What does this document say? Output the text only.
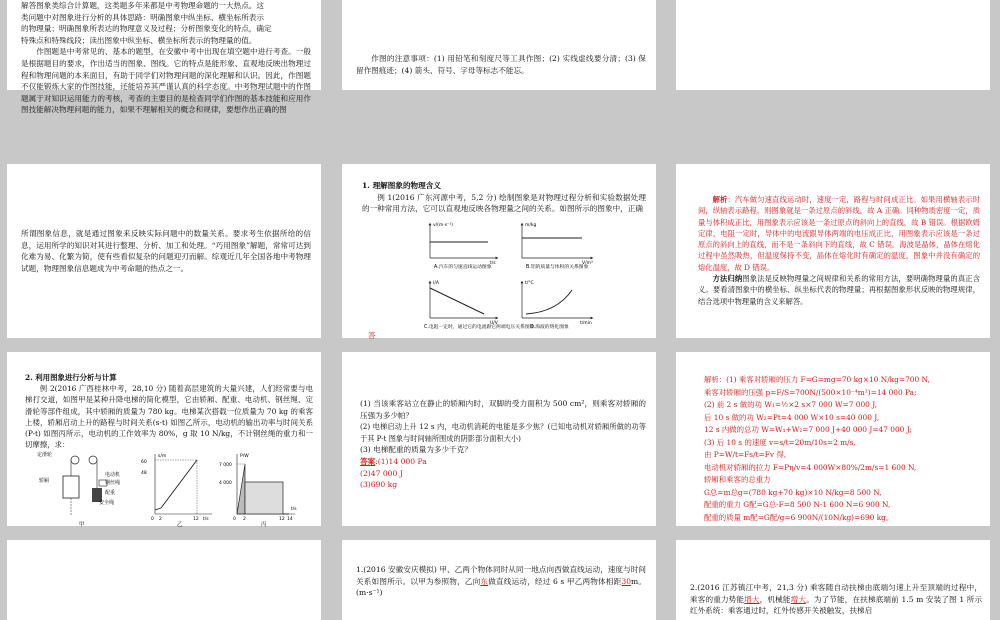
解答图象类综合计算题，这类题多年来都是中考物理命题的一大热点。这
类问题中对图象进行分析的具体思路：明确图象中纵坐标、横坐标所表示
的物理量；明确图象所表达的物理意义及过程；分析图象变化的特点，确定
特殊点和特殊线段；读出图象中纵坐标、横坐标所表示的物理量的值。

作图题是中考常见的、基本的题型，在安徽中考中出现在填空题中进行考查。一般是根据题目的要求，作出适当的图象、图线。它的特点是能形象、直观地反映出物理过程和物理问题的本来面目，有助于同学们对物理问题的深化理解和认识。因此，作图题不仅能锻炼大家的作图技能，还能培养其严谨认真的科学态度。中考物理试题中的作图题属于对知识运用能力的考核，考查的主要目的是检查同学们作图的基本技能和应用作图技能解决物理问题的能力，如果不理解相关的概念和规律，要想作出正确的图

作图的注意事项：(1) 用铅笔和刻度尺等工具作图；(2) 实线虚线要分清；(3) 保留作图痕迹；(4) 箭头、符号、字母等标志不能忘。

所谓图象信息，就是通过图象来反映实际问题中的数量关系。要求考生依据所给的信息，运用所学的知识对其进行整理、分析、加工和处理。“巧用图象”解题，常常可达到化难为易、化繁为简，使有些看似复杂的问题迎刃而解。综观近几年全国各地中考物理试题，物理图象信息题成为中考命题的热点之一。
1. 理解图象的物理含义

例 1(2016 广东河源中考，5,2 分) 绘制图象是对物理过程分析和实验数据处理的一种常用方法，它可以直观地反映各物理量之间的关系。如图所示的图象中，正确

v/(m·s⁻¹)
t/s
A.汽车的匀速直线运动图象
m/kg
V/m³
B.铝的质量与体积的关系图象
I/A
U/V
C.电阻一定时，通过它的电流跟它两端电压关系图象
t/°C
t/min
D.海波的熔化图象
答

解析：汽车做匀速直线运动时，速度一定，路程与时间成正比。如果用横轴表示时间，纵轴表示路程，则图象就是一条过原点的斜线，故 A 正确。同种物质密度一定，质量与体积成正比，用图象表示应该是一条过原点的斜向上的直线，故 B 错误。根据欧姆定律，电阻一定时，导体中的电流跟导体两端的电压成正比，用图象表示应该是一条过原点的斜向上的直线，而不是一条斜向下的直线，故 C 错误。海波是晶体，晶体在熔化过程中虽然吸热，但温度保持不变，晶体在熔化时有确定的温度，图象中并没有确定的熔化温度，故 D 错误。

方法归纳图象法是反映物理量之间规律和关系的常用方法，要明确物理量的真正含义。要看清图象中的横坐标、纵坐标代表的物理量；再根据图象形状反映的物理规律，结合选项中物理量的含义来解答。

2. 利用图象进行分析与计算

例 2(2016 广西桂林中考，28,10 分) 随着高层建筑的大量兴建，人们经常要与电梯打交道，如图甲是某种升降电梯的简化模型，它由轿厢、配重、电动机、钢丝绳、定滑轮等部件组成，其中轿厢的质量为 780 kg。电梯某次搭载一位质量为 70 kg 的乘客上楼，轿厢启动上升的路程与时间关系(s-t) 如图乙所示，电动机的输出功率与时间关系 (P-t) 如图丙所示，电动机的工作效率为 80%，g 取 10 N/kg，不计钢丝绳的重力和一切摩擦，求：

定滑轮
电动机
钢丝绳
轿厢
配重
安全绳
甲
s/m
60
48
0 2	12 t/s
乙
P/W
7 000
4 000
0 2	12 14
t/s
丙
(1) 当该乘客站立在静止的轿厢内时，双脚的受力面积为 500 cm²，则乘客对轿厢的压强为多少帕？
(2) 电梯启动上升 12 s 内，电动机消耗的电能是多少焦？(已知电动机对轿厢所做的功等于其 P-t 图象与时间轴所围成的阴影部分面积大小)
(3) 电梯配重的质量为多少千克？
答案:(1)14 000 Pa
(2)47 000 J
(3)690 kg
解析：(1) 乘客对轿厢的压力 F=G=mg=70 kg×10 N/kg=700 N,
乘客对轿厢的压强 p=F/S=700N/(500×10⁻⁴m²)=14 000 Pa;
(2) 前 2 s 做的功 W₁=½×2 s×7 000 W=7 000 J,
后 10 s 做的功 W₂=Pt=4 000 W×10 s=40 000 J,
12 s 内做的总功 W=W₁+W₂=7 000 J+40 000 J=47 000 J;
(3) 后 10 s 的速度 v=s/t=20m/10s=2 m/s,
由 P=W/t=Fs/t=Fv 得,
电动机对轿厢的拉力 F=Pη/v=4 000W×80%/2m/s=1 600 N,
轿厢和乘客的总重力
G总=m总g=(780 kg+70 kg)×10 N/kg=8 500 N,
配重的重力 G配=G总-F=8 500 N-1 600 N=6 900 N,
配重的质量 m配=G配/g=6 900N/(10N/kg)=690 kg。
1.(2016 安徽安庆模拟) 甲、乙两个物体同时从同一地点向西做直线运动，速度与时间关系如图所示。以甲为参照物，乙向东做直线运动，经过 6 s 甲乙两物体相距30m。(m·s⁻¹)
2.(2016 江苏镇江中考，21,3 分) 乘客随自动扶梯由底端匀速上升至顶端的过程中，乘客的重力势能增大，机械能增大。为了节能，在扶梯底端前 1.5 m 安装了图 1 所示红外系统：乘客通过时，红外传感开关被触发，扶梯启
